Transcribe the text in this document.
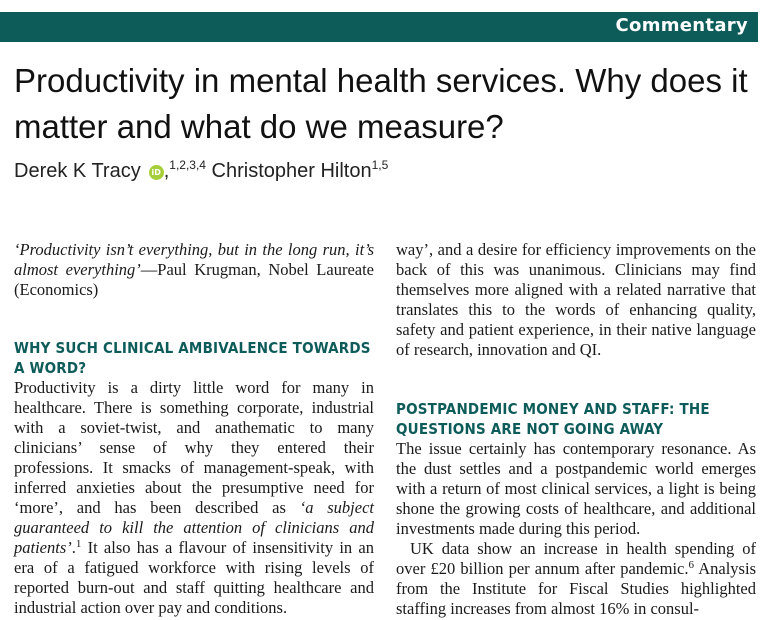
Commentary
Productivity in mental health services. Why does it matter and what do we measure?
Derek K Tracy iD ,$^{1,2,3,4}$ Christopher Hilton$^{1,5}$

‘Productivity isn’t everything, but in the long run, it’s almost everything’—Paul Krugman, Nobel Laureate (Economics)

WHY SUCH CLINICAL AMBIVALENCE TOWARDS A WORD?

Productivity is a dirty little word for many in healthcare. There is something corporate, industrial with a soviet-twist, and anathematic to many clinicians’ sense of why they entered their professions. It smacks of management-speak, with inferred anxieties about the presumptive need for ‘more’, and has been described as ‘a subject guaranteed to kill the attention of clinicians and patients’.$^1$ It also has a flavour of insensitivity in an era of a fatigued workforce with rising levels of reported burn-out and staff quitting healthcare and industrial action over pay and conditions.

way’, and a desire for efficiency improvements on the back of this was unanimous. Clinicians may find themselves more aligned with a related narrative that translates this to the words of enhancing quality, safety and patient experience, in their native language of research, innovation and QI.

POSTPANDEMIC MONEY AND STAFF: THE QUESTIONS ARE NOT GOING AWAY

The issue certainly has contemporary resonance. As the dust settles and a postpandemic world emerges with a return of most clinical services, a light is being shone the growing costs of healthcare, and additional investments made during this period.

UK data show an increase in health spending of over £20 billion per annum after pandemic.$^6$ Analysis from the Institute for Fiscal Studies highlighted staffing increases from almost 16% in consul-
